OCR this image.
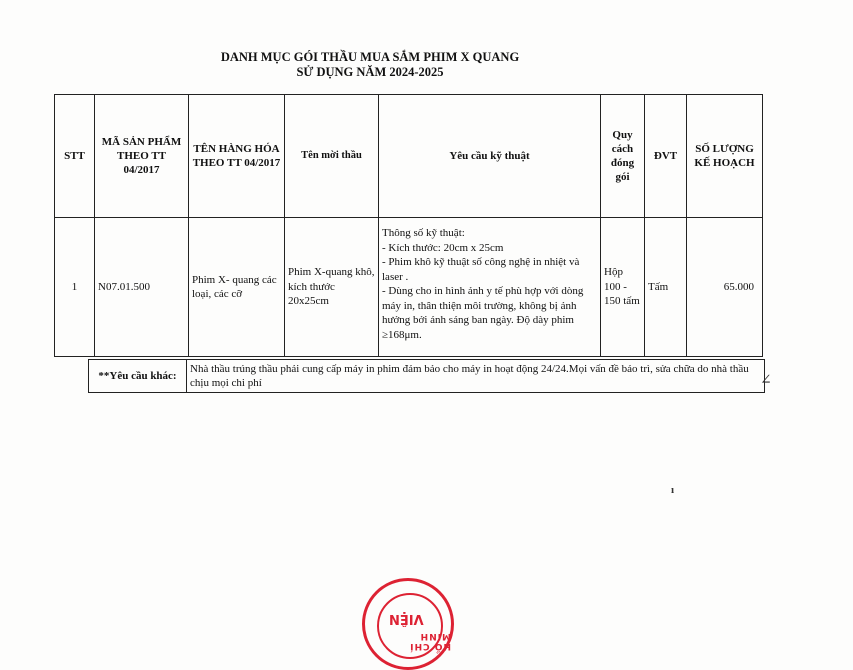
DANH MỤC GÓI THẦU MUA SẮM PHIM X QUANG
SỬ DỤNG NĂM 2024-2025
STT	MÃ SẢN PHẨM THEO TT 04/2017	TÊN HÀNG HÓA THEO TT 04/2017	Tên mời thầu	Yêu cầu kỹ thuật	Quy cách đóng gói	ĐVT	SỐ LƯỢNG KẾ HOẠCH
1	N07.01.500	Phim X- quang các loại, các cỡ	Phim X-quang khô, kích thước 20x25cm	Thông số kỹ thuật:
- Kích thước: 20cm x 25cm
- Phim khô kỹ thuật số công nghệ in nhiệt và laser .
- Dùng cho in hình ảnh y tế phù hợp với dòng máy in, thân thiện môi trường, không bị ảnh hưởng bởi ánh sáng ban ngày. Độ dày phim ≥168μm.	Hộp 100 - 150 tấm	Tấm	65.000
**Yêu cầu khác:	Nhà thầu trúng thầu phải cung cấp máy in phim đảm bảo cho máy in hoạt động 24/24.Mọi vấn đề bảo trì, sửa chữa do nhà thầu chịu mọi chi phí	∠
ı
VIỆN
HỒ CHÍ MINH
